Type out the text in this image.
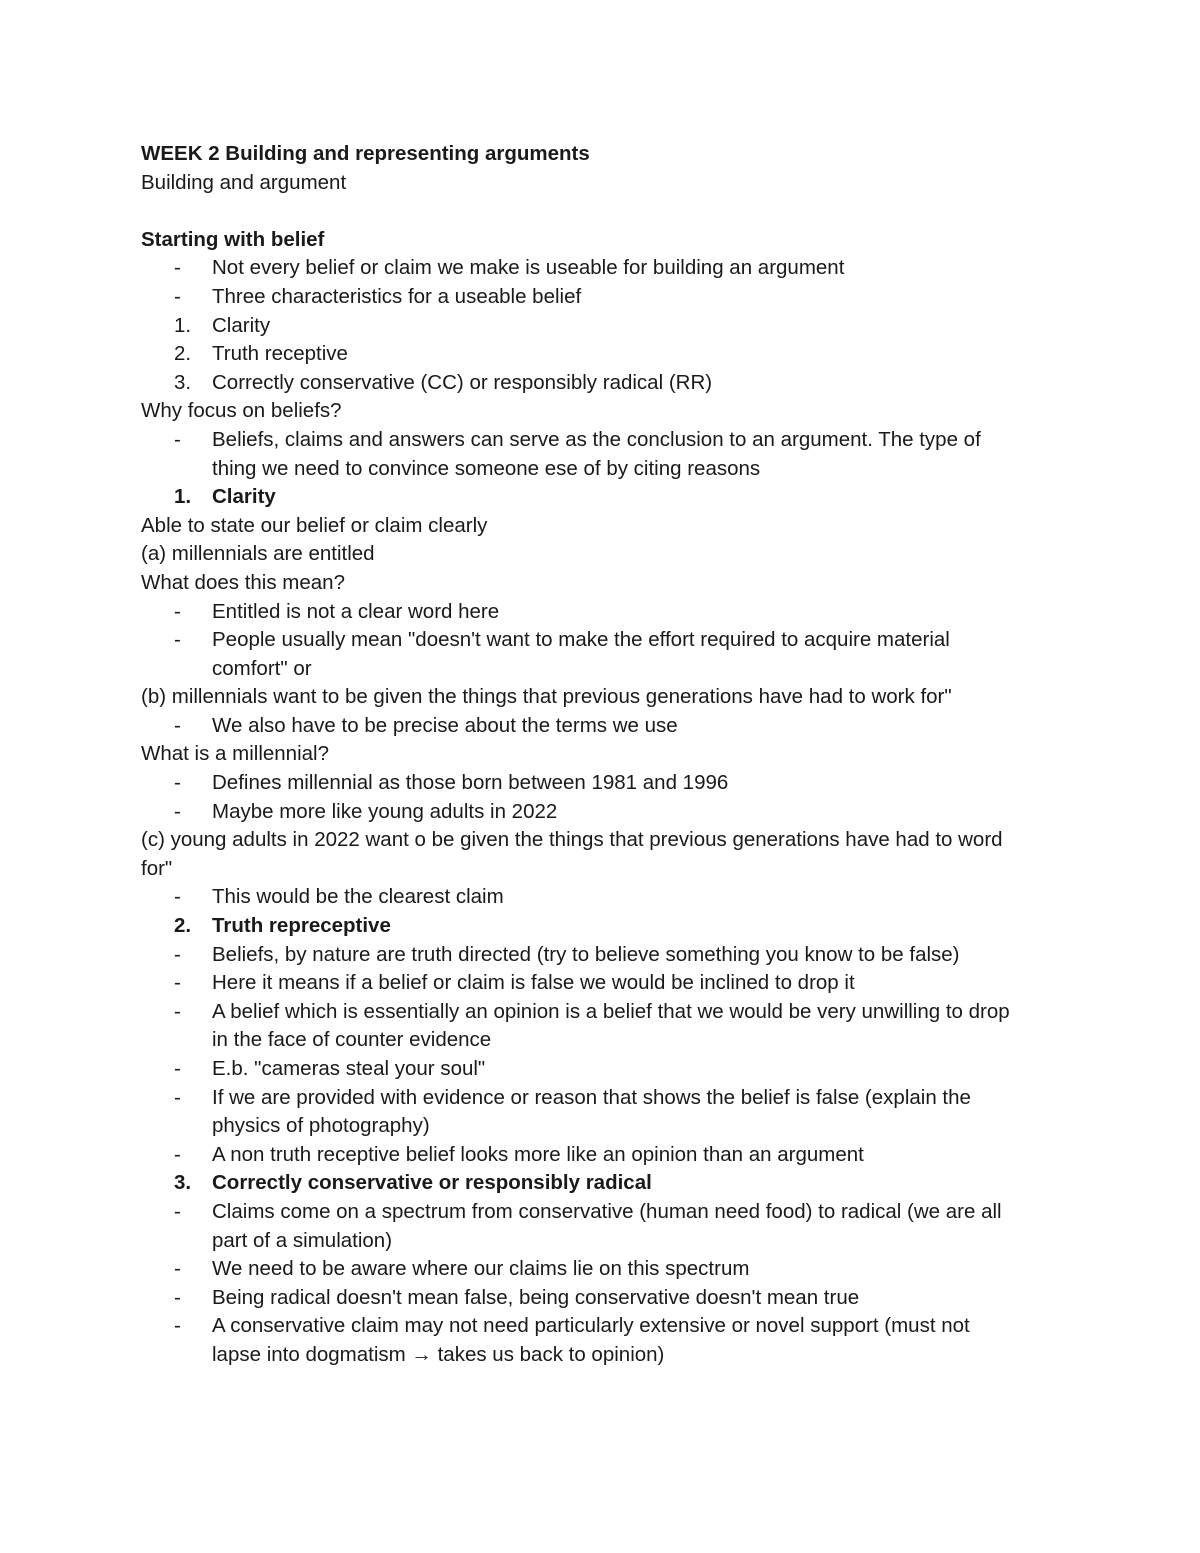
WEEK 2 Building and representing arguments
Building and argument
Starting with belief
- Not every belief or claim we make is useable for building an argument
- Three characteristics for a useable belief
1. Clarity
2. Truth receptive
3. Correctly conservative (CC) or responsibly radical (RR)
Why focus on beliefs?
- Beliefs, claims and answers can serve as the conclusion to an argument. The type of
thing we need to convince someone ese of by citing reasons
1. Clarity
Able to state our belief or claim clearly
(a) millennials are entitled
What does this mean?
- Entitled is not a clear word here
- People usually mean "doesn't want to make the effort required to acquire material
comfort" or
(b) millennials want to be given the things that previous generations have had to work for"
- We also have to be precise about the terms we use
What is a millennial?
- Defines millennial as those born between 1981 and 1996
- Maybe more like young adults in 2022
(c) young adults in 2022 want o be given the things that previous generations have had to word
for"
- This would be the clearest claim
2. Truth repreceptive
- Beliefs, by nature are truth directed (try to believe something you know to be false)
- Here it means if a belief or claim is false we would be inclined to drop it
- A belief which is essentially an opinion is a belief that we would be very unwilling to drop
in the face of counter evidence
- E.b. "cameras steal your soul"
- If we are provided with evidence or reason that shows the belief is false (explain the
physics of photography)
- A non truth receptive belief looks more like an opinion than an argument
3. Correctly conservative or responsibly radical
- Claims come on a spectrum from conservative (human need food) to radical (we are all
part of a simulation)
- We need to be aware where our claims lie on this spectrum
- Being radical doesn't mean false, being conservative doesn't mean true
- A conservative claim may not need particularly extensive or novel support (must not
lapse into dogmatism → takes us back to opinion)
